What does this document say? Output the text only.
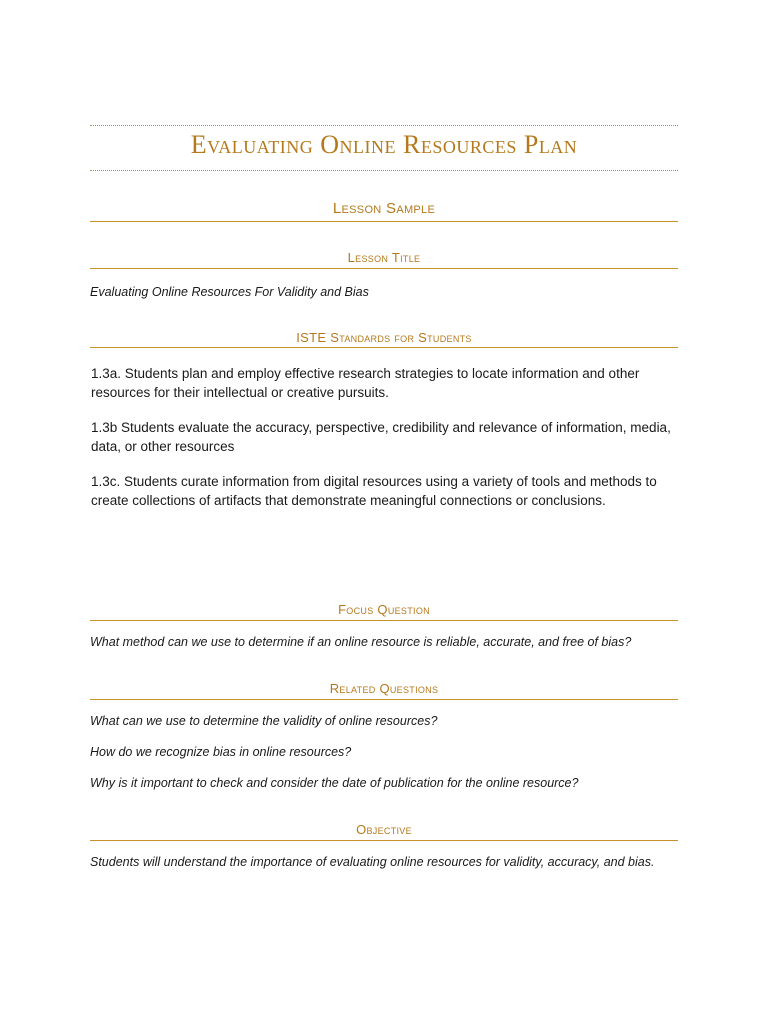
Evaluating Online Resources Plan
Lesson Sample
Lesson Title
Evaluating Online Resources For Validity and Bias
ISTE Standards for Students
1.3a. Students plan and employ effective research strategies to locate information and other resources for their intellectual or creative pursuits.
1.3b Students evaluate the accuracy, perspective, credibility and relevance of information, media, data, or other resources
1.3c. Students curate information from digital resources using a variety of tools and methods to create collections of artifacts that demonstrate meaningful connections or conclusions.
Focus Question
What method can we use to determine if an online resource is reliable, accurate, and free of bias?
Related Questions
What can we use to determine the validity of online resources?
How do we recognize bias in online resources?
Why is it important to check and consider the date of publication for the online resource?
Objective
Students will understand the importance of evaluating online resources for validity, accuracy, and bias.
